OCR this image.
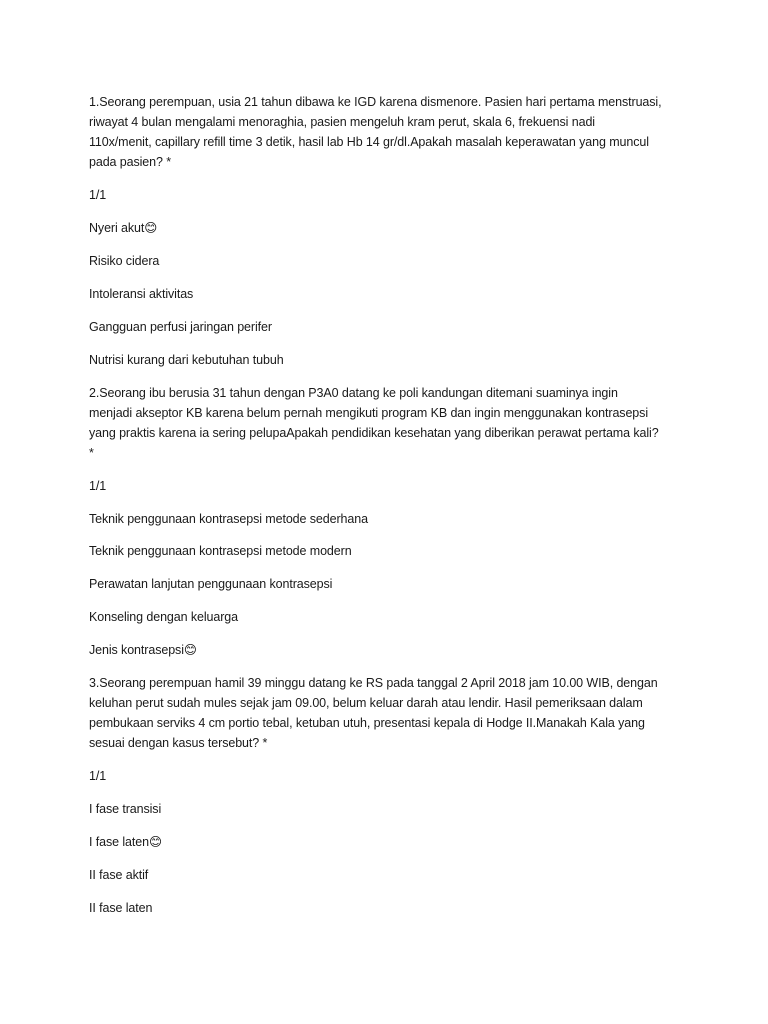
1.Seorang perempuan, usia 21 tahun dibawa ke IGD karena dismenore. Pasien hari pertama menstruasi,
riwayat 4 bulan mengalami menoraghia, pasien mengeluh kram perut, skala 6, frekuensi nadi
110x/menit, capillary refill time 3 detik, hasil lab Hb 14 gr/dl.Apakah masalah keperawatan yang muncul
pada pasien? *
1/1
Nyeri akut😊
Risiko cidera
Intoleransi aktivitas
Gangguan perfusi jaringan perifer
Nutrisi kurang dari kebutuhan tubuh
2.Seorang ibu berusia 31 tahun dengan P3A0 datang ke poli kandungan ditemani suaminya ingin
menjadi akseptor KB karena belum pernah mengikuti program KB dan ingin menggunakan kontrasepsi
yang praktis karena ia sering pelupaApakah pendidikan kesehatan yang diberikan perawat pertama kali?
*
1/1
Teknik penggunaan kontrasepsi metode sederhana
Teknik penggunaan kontrasepsi metode modern
Perawatan lanjutan penggunaan kontrasepsi
Konseling dengan keluarga
Jenis kontrasepsi😊
3.Seorang perempuan hamil 39 minggu datang ke RS pada tanggal 2 April 2018 jam 10.00 WIB, dengan
keluhan perut sudah mules sejak jam 09.00, belum keluar darah atau lendir. Hasil pemeriksaan dalam
pembukaan serviks 4 cm portio tebal, ketuban utuh, presentasi kepala di Hodge II.Manakah Kala yang
sesuai dengan kasus tersebut? *
1/1
I fase transisi
I fase laten😊
II fase aktif
II fase laten
